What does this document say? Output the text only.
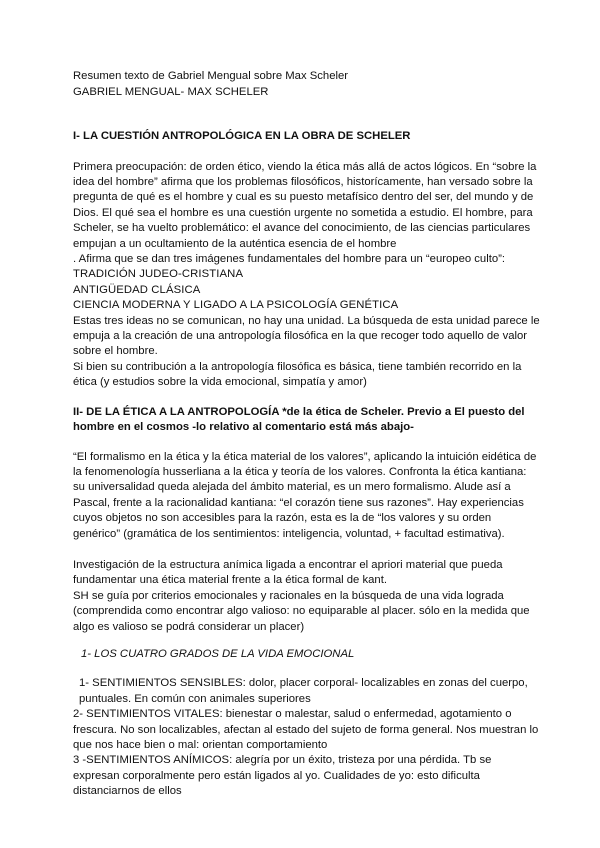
Resumen texto de Gabriel Mengual sobre Max Scheler

GABRIEL MENGUAL- MAX SCHELER

I- LA CUESTIÓN ANTROPOLÓGICA EN LA OBRA DE SCHELER

Primera preocupación: de orden ético, viendo la ética más allá de actos lógicos. En “sobre la idea del hombre” afirma que los problemas filosóficos, historícamente, han versado sobre la pregunta de qué es el hombre y cual es su puesto metafísico dentro del ser, del mundo y de Dios. El qué sea el hombre es una cuestión urgente no sometida a estudio. El hombre, para Scheler, se ha vuelto problemático: el avance del conocimiento, de las ciencias particulares empujan a un ocultamiento de la auténtica esencia de el hombre

. Afirma que se dan tres imágenes fundamentales del hombre para un “europeo culto”:

TRADICIÓN JUDEO-CRISTIANA

ANTIGÜEDAD CLÁSICA

CIENCIA MODERNA Y LIGADO A LA PSICOLOGÍA GENÉTICA

Estas tres ideas no se comunican, no hay una unidad. La búsqueda de esta unidad parece le empuja a la creación de una antropología filosófica en la que recoger todo aquello de valor sobre el hombre.

Si bien su contribución a la antropología filosófica es básica, tiene también recorrido en la ética (y estudios sobre la vida emocional, simpatía y amor)

II- DE LA ÉTICA A LA ANTROPOLOGÍA *de la ética de Scheler. Previo a El puesto del hombre en el cosmos -lo relativo al comentario está más abajo-

“El formalismo en la ética y la ética material de los valores”, aplicando la intuición eidética de la fenomenología husserliana a la ética y teoría de los valores. Confronta la ética kantiana: su universalidad queda alejada del ámbito material, es un mero formalismo. Alude así a Pascal, frente a la racionalidad kantiana: “el corazón tiene sus razones”. Hay experiencias cuyos objetos no son accesibles para la razón, esta es la de “los valores y su orden genérico” (gramática de los sentimientos: inteligencia, voluntad, + facultad estimativa).

Investigación de la estructura anímica ligada a encontrar el apriori material que pueda fundamentar una ética material frente a la ética formal de kant.

SH se guía por criterios emocionales y racionales en la búsqueda de una vida lograda (comprendida como encontrar algo valioso: no equiparable al placer. sólo en la medida que algo es valioso se podrá considerar un placer)

1- LOS CUATRO GRADOS DE LA VIDA EMOCIONAL

1- SENTIMIENTOS SENSIBLES: dolor, placer corporal- localizables en zonas del cuerpo, puntuales. En común con animales superiores

2- SENTIMIENTOS VITALES: bienestar o malestar, salud o enfermedad, agotamiento o frescura. No son localizables, afectan al estado del sujeto de forma general. Nos muestran lo que nos hace bien o mal: orientan comportamiento

3 -SENTIMIENTOS ANÍMICOS: alegría por un éxito, tristeza por una pérdida. Tb se expresan corporalmente pero están ligados al yo. Cualidades de yo: esto dificulta distanciarnos de ellos
